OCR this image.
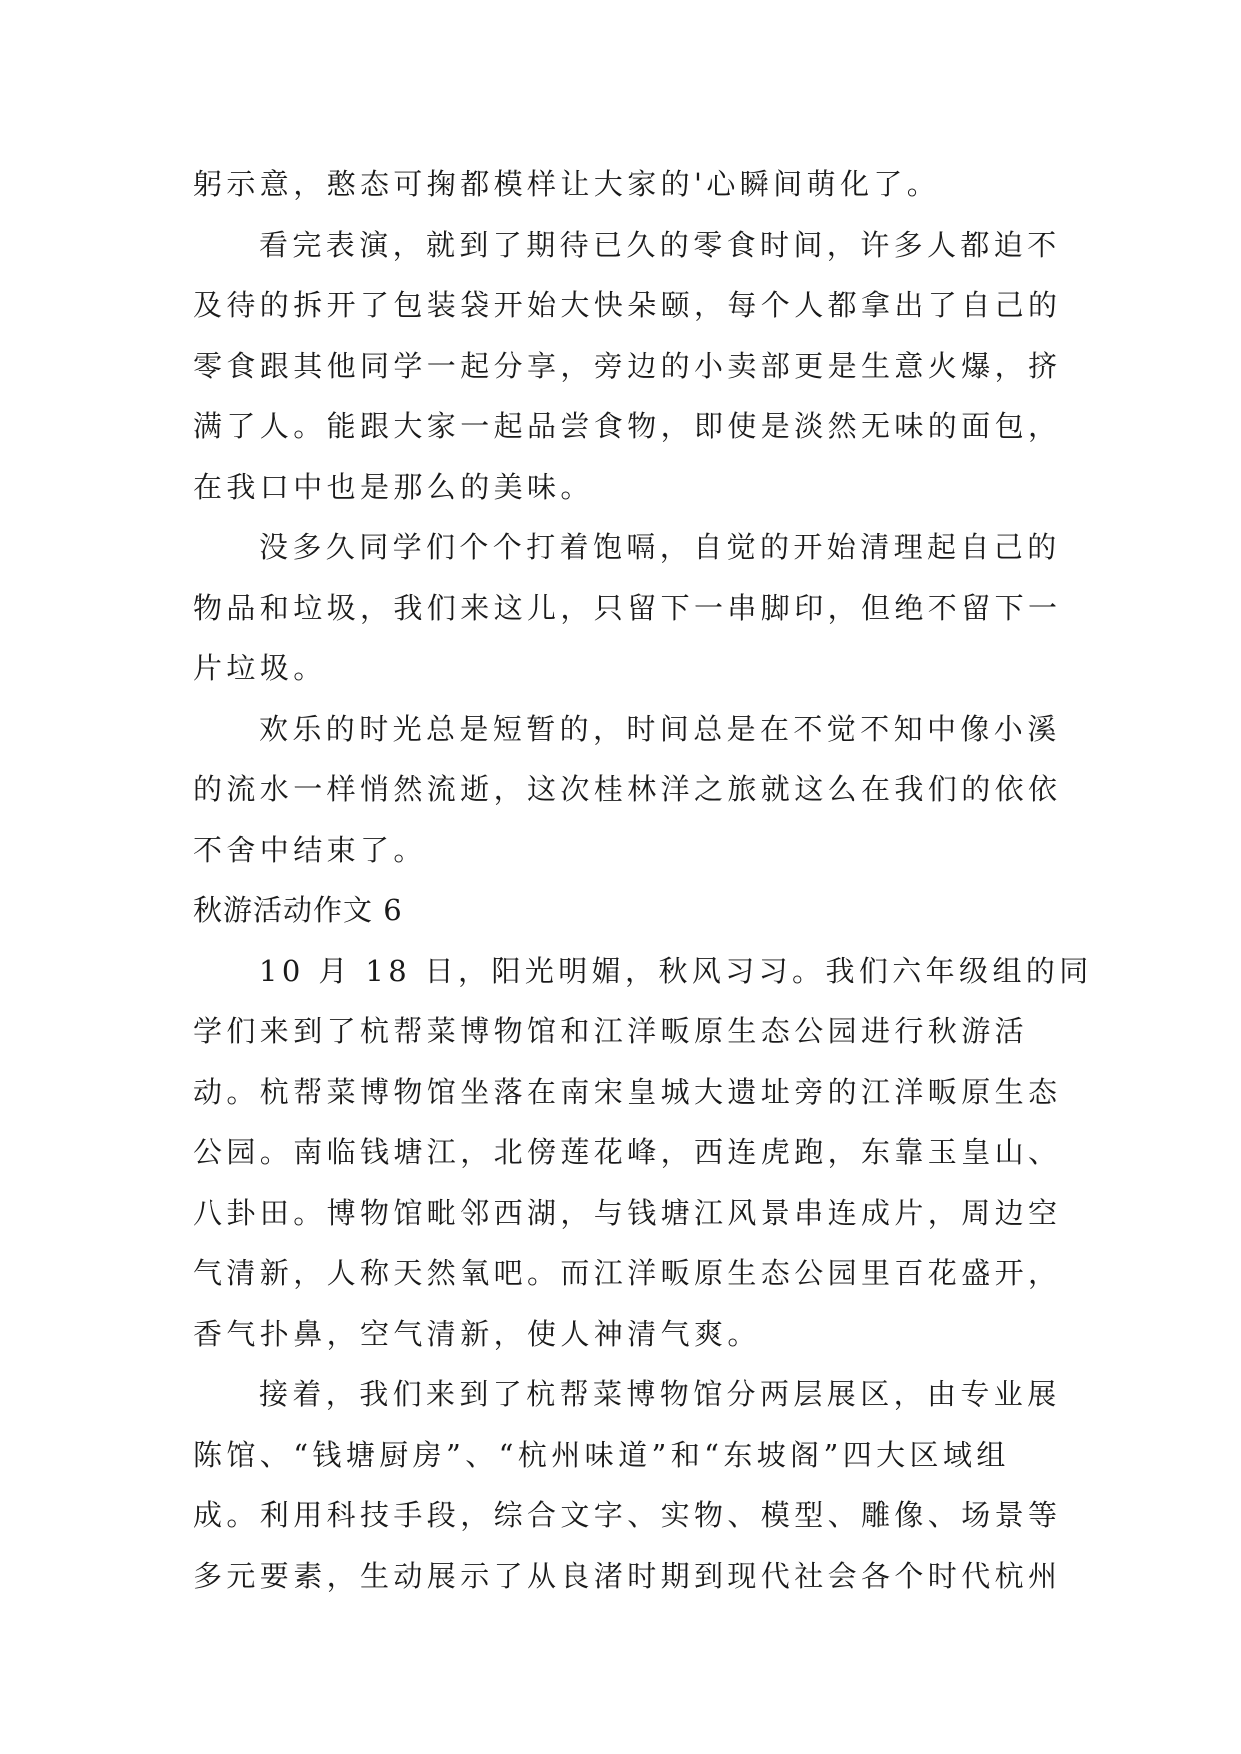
躬示意，憨态可掬都模样让大家的'心瞬间萌化了。
看完表演，就到了期待已久的零食时间，许多人都迫不
及待的拆开了包装袋开始大快朵颐，每个人都拿出了自己的
零食跟其他同学一起分享，旁边的小卖部更是生意火爆，挤
满了人。能跟大家一起品尝食物，即使是淡然无味的面包，
在我口中也是那么的美味。
没多久同学们个个打着饱嗝，自觉的开始清理起自己的
物品和垃圾，我们来这儿，只留下一串脚印，但绝不留下一
片垃圾。
欢乐的时光总是短暂的，时间总是在不觉不知中像小溪
的流水一样悄然流逝，这次桂林洋之旅就这么在我们的依依
不舍中结束了。
秋游活动作文 6
10 月 18 日，阳光明媚，秋风习习。我们六年级组的同
学们来到了杭帮菜博物馆和江洋畈原生态公园进行秋游活
动。杭帮菜博物馆坐落在南宋皇城大遗址旁的江洋畈原生态
公园。南临钱塘江，北傍莲花峰，西连虎跑，东靠玉皇山、
八卦田。博物馆毗邻西湖，与钱塘江风景串连成片，周边空
气清新，人称天然氧吧。而江洋畈原生态公园里百花盛开，
香气扑鼻，空气清新，使人神清气爽。
接着，我们来到了杭帮菜博物馆分两层展区，由专业展
陈馆、“钱塘厨房”、“杭州味道”和“东坡阁”四大区域组
成。利用科技手段，综合文字、实物、模型、雕像、场景等
多元要素，生动展示了从良渚时期到现代社会各个时代杭州
